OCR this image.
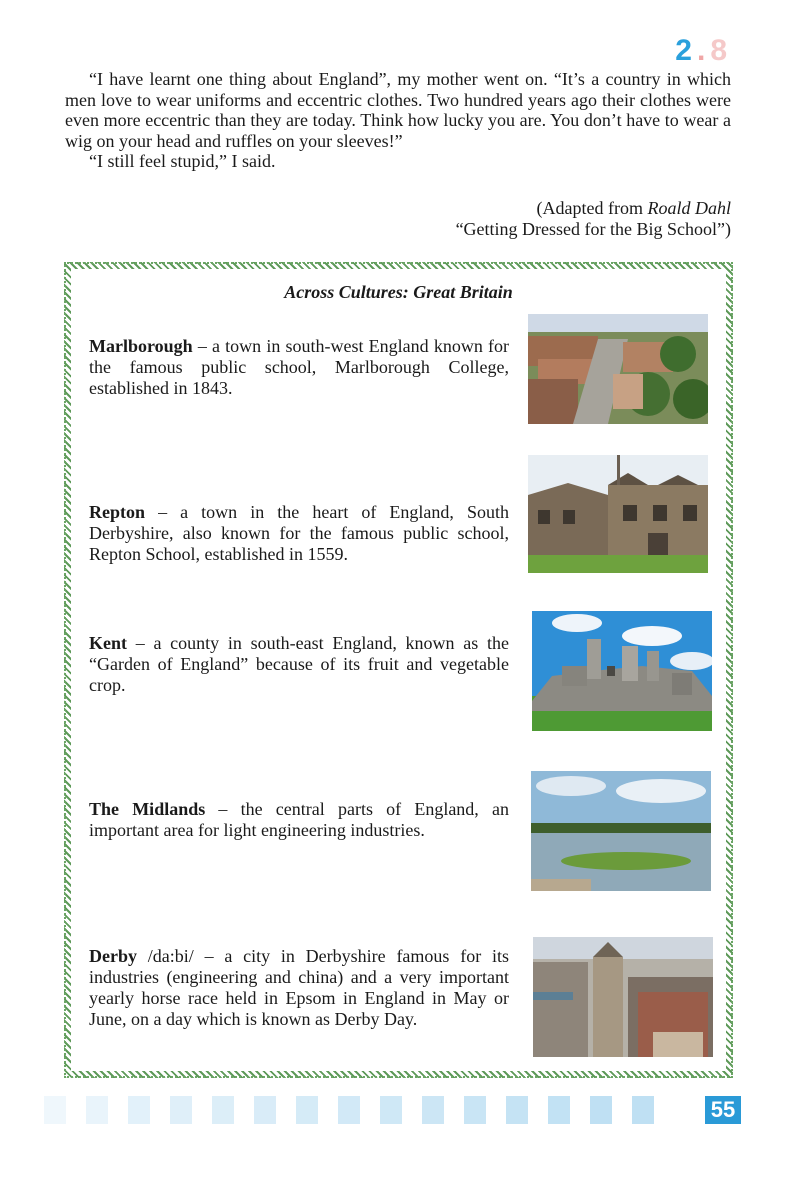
2 . 8

“I have learnt one thing about England”, my mother went on. “It’s a country in which men love to wear uniforms and eccentric clothes. Two hundred years ago their clothes were even more eccentric than they are today. Think how lucky you are. You don’t have to wear a wig on your head and ruffles on your sleeves!”

“I still feel stupid,” I said.

(Adapted from Roald Dahl
“Getting Dressed for the Big School”)
Across Cultures: Great Britain
Marlborough – a town in south-west England known for the famous public school, Marlborough College, established in 1843.
Repton – a town in the heart of England, South Derbyshire, also known for the famous public school, Repton School, established in 1559.
Kent – a county in south-east England, known as the “Garden of England” because of its fruit and vegetable crop.
The Midlands – the central parts of England, an important area for light engineering industries.
Derby /da:bi/ – a city in Derbyshire famous for its industries (engineering and china) and a very important yearly horse race held in Epsom in England in May or June, on a day which is known as Derby Day.
55
